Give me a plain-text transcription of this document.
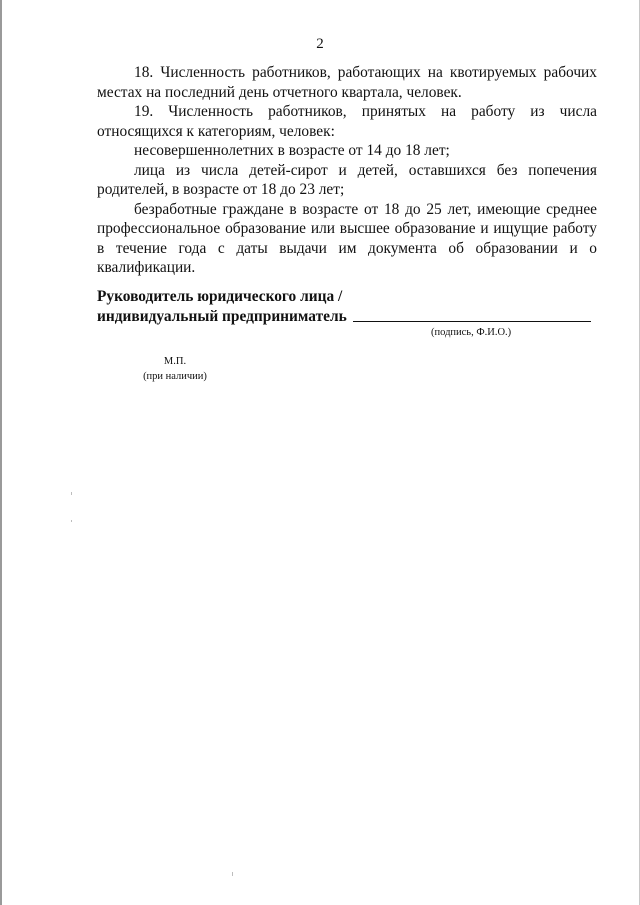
2

18. Численность работников, работающих на квотируемых рабочих местах на последний день отчетного квартала, человек.

19. Численность работников, принятых на работу из числа относящихся к категориям, человек:

несовершеннолетних в возрасте от 14 до 18 лет;

лица из числа детей-сирот и детей, оставшихся без попечения родителей, в возрасте от 18 до 23 лет;

безработные граждане в возрасте от 18 до 25 лет, имеющие среднее профессиональное образование или высшее образование и ищущие работу в течение года с даты выдачи им документа об образовании и о квалификации.

Руководитель юридического лица /

индивидуальный предприниматель

(подпись, Ф.И.О.)
М.П.
(при наличии)
